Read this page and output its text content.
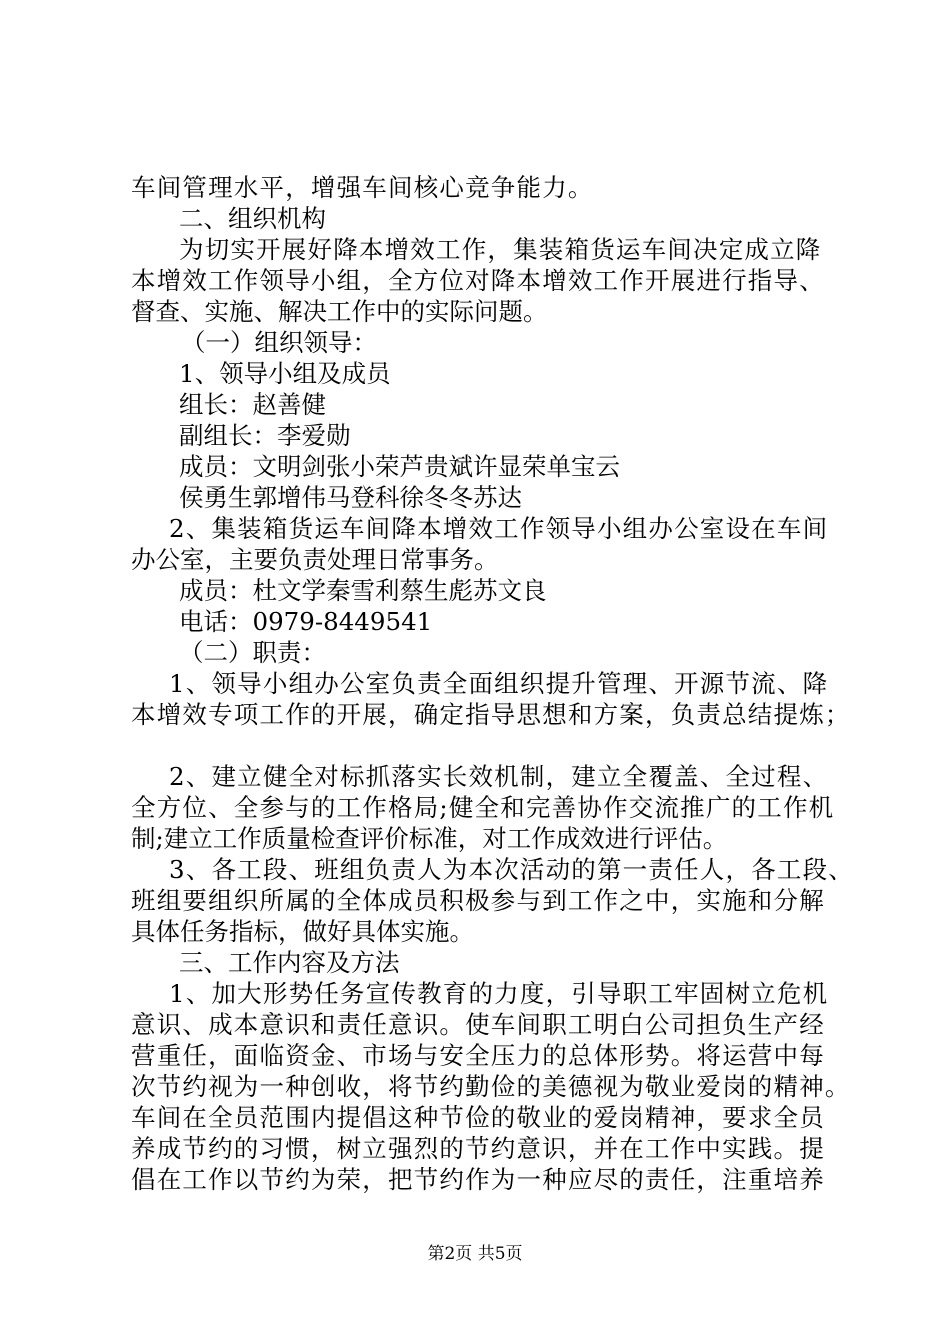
车间管理水平，增强车间核心竞争能力。
二、组织机构
为切实开展好降本增效工作，集装箱货运车间决定成立降
本增效工作领导小组，全方位对降本增效工作开展进行指导、
督查、实施、解决工作中的实际问题。
（一）组织领导：
1、领导小组及成员
组长：赵善健
副组长：李爱勋
成员：文明剑张小荣芦贵斌许显荣单宝云
侯勇生郭增伟马登科徐冬冬苏达
2、集装箱货运车间降本增效工作领导小组办公室设在车间
办公室，主要负责处理日常事务。
成员：杜文学秦雪利蔡生彪苏文良
电话：0979-8449541
（二）职责：
1、领导小组办公室负责全面组织提升管理、开源节流、降
本增效专项工作的开展，确定指导思想和方案，负责总结提炼；
2、建立健全对标抓落实长效机制，建立全覆盖、全过程、
全方位、全参与的工作格局;健全和完善协作交流推广的工作机
制;建立工作质量检查评价标准，对工作成效进行评估。
3、各工段、班组负责人为本次活动的第一责任人，各工段、
班组要组织所属的全体成员积极参与到工作之中，实施和分解
具体任务指标，做好具体实施。
三、工作内容及方法
1、加大形势任务宣传教育的力度，引导职工牢固树立危机
意识、成本意识和责任意识。使车间职工明白公司担负生产经
营重任，面临资金、市场与安全压力的总体形势。将运营中每
次节约视为一种创收，将节约勤俭的美德视为敬业爱岗的精神。
车间在全员范围内提倡这种节俭的敬业的爱岗精神，要求全员
养成节约的习惯，树立强烈的节约意识，并在工作中实践。提
倡在工作以节约为荣，把节约作为一种应尽的责任，注重培养
第2页 共5页
